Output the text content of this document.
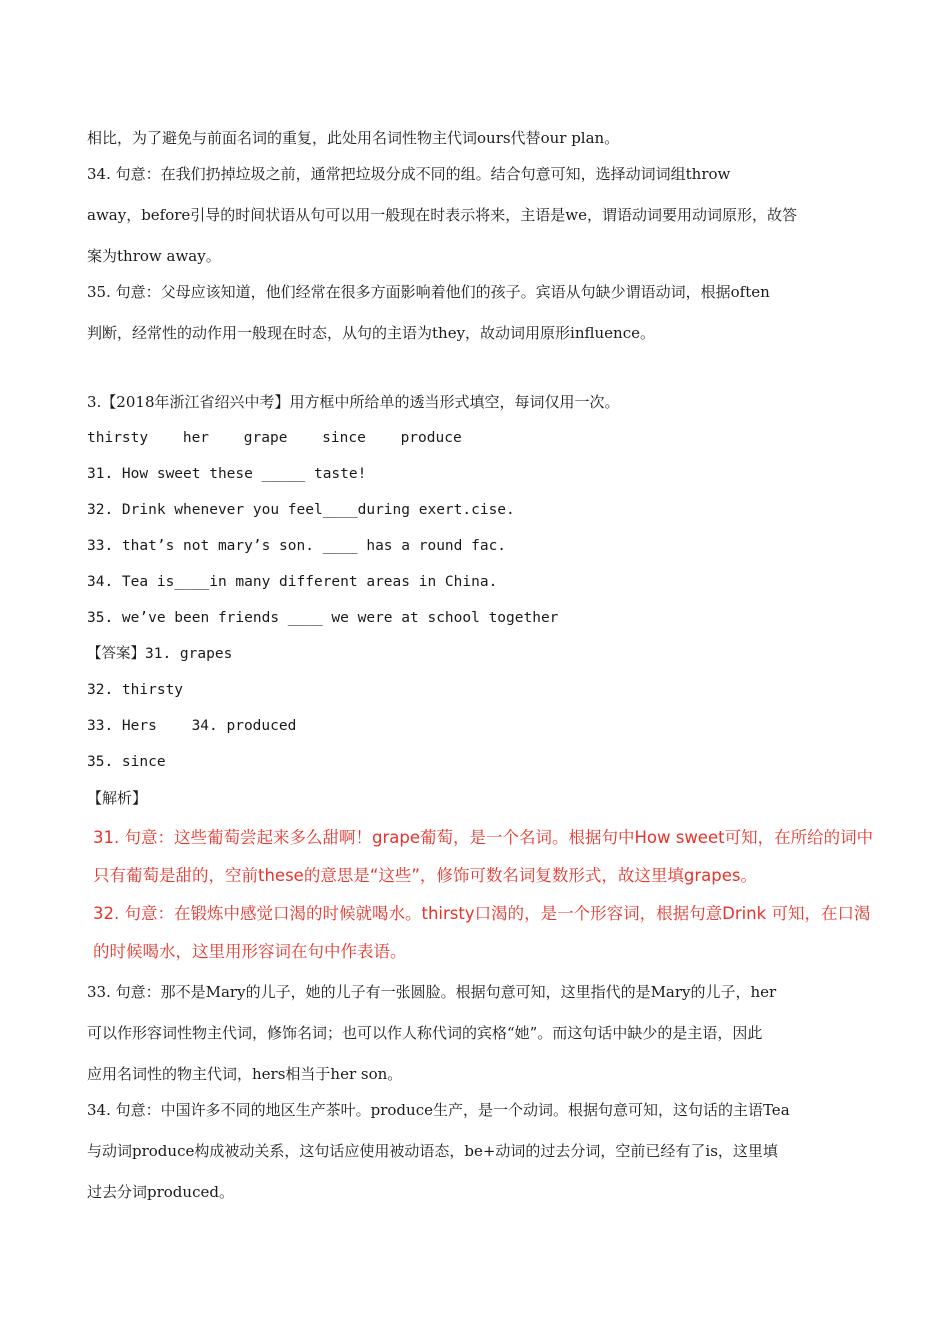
相比，为了避免与前面名词的重复，此处用名词性物主代词ours代替our plan。
34. 句意：在我们扔掉垃圾之前，通常把垃圾分成不同的组。结合句意可知，选择动词词组throw
away，before引导的时间状语从句可以用一般现在时表示将来，主语是we，谓语动词要用动词原形，故答
案为throw away。
35. 句意：父母应该知道，他们经常在很多方面影响着他们的孩子。宾语从句缺少谓语动词，根据often
判断，经常性的动作用一般现在时态，从句的主语为they，故动词用原形influence。
3.【2018年浙江省绍兴中考】用方框中所给单的透当形式填空，每词仅用一次。
thirsty her grape since produce
31. How sweet these _____ taste!
32. Drink whenever you feel____during exert.cise.
33. that’s not mary’s son. ____ has a round fac.
34. Tea is____in many different areas in China.
35. we’ve been friends ____ we were at school together
【答案】31. grapes
32. thirsty
33. Hers 34. produced
35. since
【解析】
31. 句意：这些葡萄尝起来多么甜啊！grape葡萄，是一个名词。根据句中How sweet可知，在所给的词中
只有葡萄是甜的，空前these的意思是“这些”，修饰可数名词复数形式，故这里填grapes。
32. 句意：在锻炼中感觉口渴的时候就喝水。thirsty口渴的，是一个形容词，根据句意Drink 可知，在口渴
的时候喝水，这里用形容词在句中作表语。
33. 句意：那不是Mary的儿子，她的儿子有一张圆脸。根据句意可知，这里指代的是Mary的儿子，her
可以作形容词性物主代词，修饰名词；也可以作人称代词的宾格“她”。而这句话中缺少的是主语，因此
应用名词性的物主代词，hers相当于her son。
34. 句意：中国许多不同的地区生产茶叶。produce生产，是一个动词。根据句意可知，这句话的主语Tea
与动词produce构成被动关系，这句话应使用被动语态，be+动词的过去分词，空前已经有了is，这里填
过去分词produced。
